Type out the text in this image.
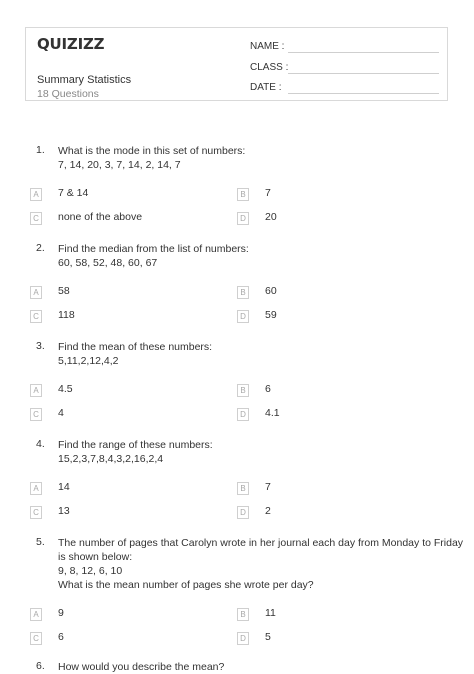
QUIZIZZ
Summary Statistics
18 Questions
NAME :
CLASS :
DATE :
1. What is the mode in this set of numbers:
7, 14, 20, 3, 7, 14, 2, 14, 7
A	7 & 14	B	7
C none of the above	D 20
2. Find the median from the list of numbers:
60, 58, 52, 48, 60, 67
A	58	B	60
C 118	D 59
3. Find the mean of these numbers:
5,11,2,12,4,2
A	4.5	B	6
C 4	D 4.1
4. Find the range of these numbers:
15,2,3,7,8,4,3,2,16,2,4
A	14	B	7
C 13	D 2
5. The number of pages that Carolyn wrote in her journal each day from Monday to Friday
is shown below:
9, 8, 12, 6, 10
What is the mean number of pages she wrote per day?
A	9	B	11
C 6	D 5
6. How would you describe the mean?
